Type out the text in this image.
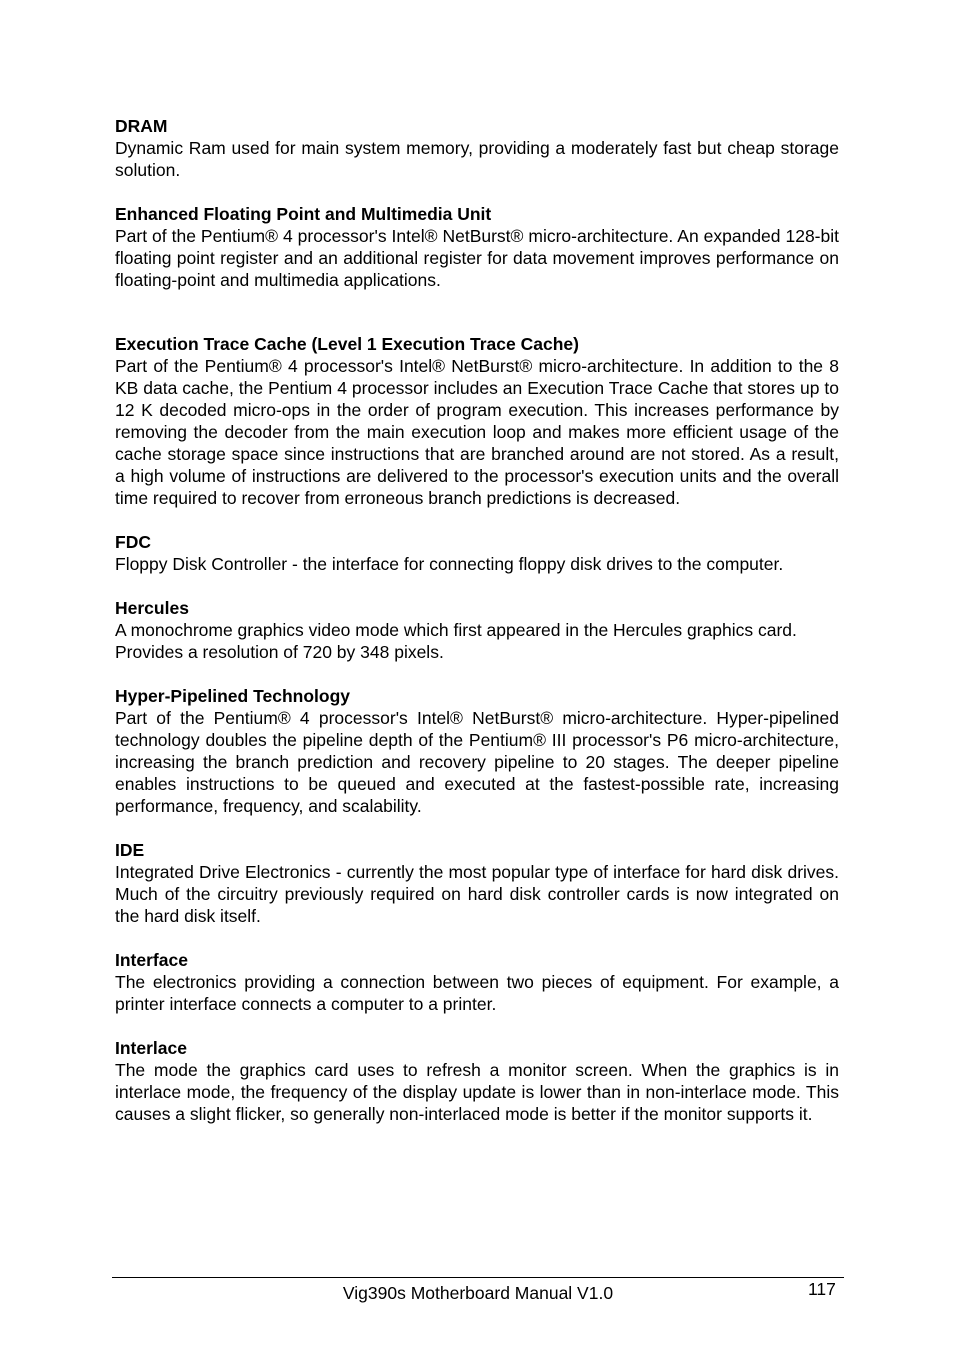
DRAM

Dynamic Ram used for main system memory, providing a moderately fast but cheap storage solution.

Enhanced Floating Point and Multimedia Unit

Part of the Pentium® 4 processor's Intel® NetBurst® micro-architecture. An expanded 128-bit floating point register and an additional register for data movement improves performance on floating-point and multimedia applications.

Execution Trace Cache (Level 1 Execution Trace Cache)

Part of the Pentium® 4 processor's Intel® NetBurst® micro-architecture. In addition to the 8 KB data cache, the Pentium 4 processor includes an Execution Trace Cache that stores up to 12 K decoded micro-ops in the order of program execution. This increases performance by removing the decoder from the main execution loop and makes more efficient usage of the cache storage space since instructions that are branched around are not stored. As a result, a high volume of instructions are delivered to the processor's execution units and the overall time required to recover from erroneous branch predictions is decreased.

FDC

Floppy Disk Controller - the interface for connecting floppy disk drives to the computer.

Hercules

A monochrome graphics video mode which first appeared in the Hercules graphics card. Provides a resolution of 720 by 348 pixels.

Hyper-Pipelined Technology

Part of the Pentium® 4 processor's Intel® NetBurst® micro-architecture. Hyper-pipelined technology doubles the pipeline depth of the Pentium® III processor's P6 micro-architecture, increasing the branch prediction and recovery pipeline to 20 stages. The deeper pipeline enables instructions to be queued and executed at the fastest-possible rate, increasing performance, frequency, and scalability.

IDE

Integrated Drive Electronics - currently the most popular type of interface for hard disk drives. Much of the circuitry previously required on hard disk controller cards is now integrated on the hard disk itself.

Interface

The electronics providing a connection between two pieces of equipment. For example, a printer interface connects a computer to a printer.

Interlace

The mode the graphics card uses to refresh a monitor screen. When the graphics is in interlace mode, the frequency of the display update is lower than in non-interlace mode. This causes a slight flicker, so generally non-interlaced mode is better if the monitor supports it.

Vig390s Motherboard Manual V1.0	117
